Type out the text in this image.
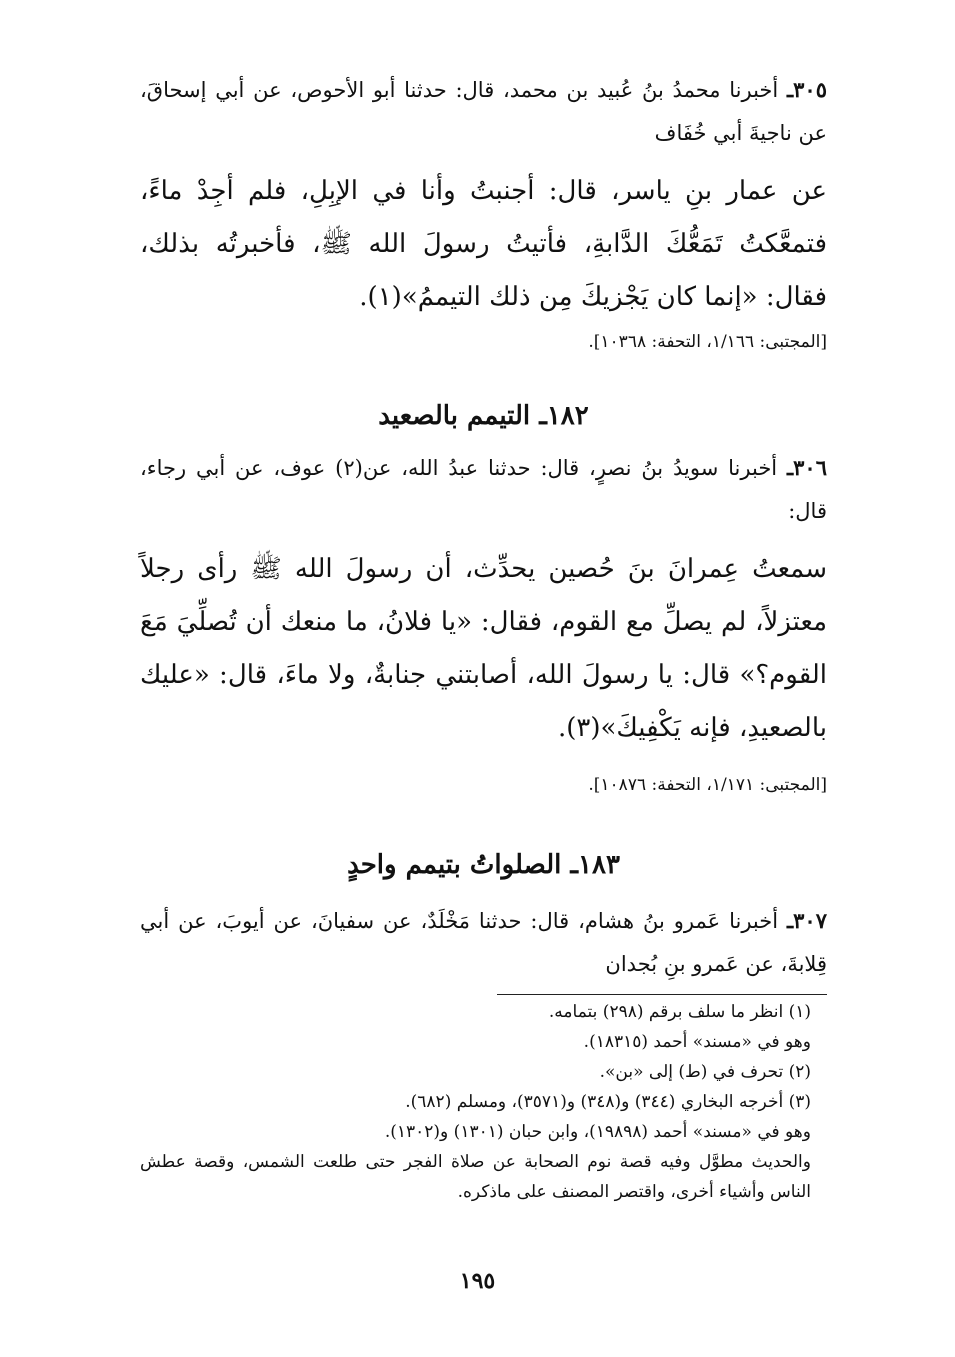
٣٠٥ـ أخبرنا محمدُ بنُ عُبيد بن محمد، قال: حدثنا أبو الأحوص، عن أبي إسحاقَ، عن ناجيةَ أبي خُفَاف

عن عمار بنِ ياسر، قال: أجنبتُ وأنا في الإبِلِ، فلم أجِدْ ماءً، فتمعَّكتُ تَمَعُّكَ الدَّابةِ، فأتيتُ رسولَ الله ﷺ، فأخبرتُه بذلك، فقال: «إنما كان يَجْزيكَ مِن ذلك التيممُ»(١).

[المجتبى: ١/١٦٦، التحفة: ١٠٣٦٨].

١٨٢ـ التيمم بالصعيد

٣٠٦ـ أخبرنا سويدُ بنُ نصرٍ، قال: حدثنا عبدُ الله، عن(٢) عوف، عن أبي رجاء، قال:

سمعتُ عِمرانَ بنَ حُصين يحدِّث، أن رسولَ الله ﷺ رأى رجلاً معتزلاً، لم يصلِّ مع القوم، فقال: «يا فلانُ، ما منعك أن تُصلِّيَ مَعَ القوم؟» قال: يا رسولَ الله، أصابتني جنابةٌ، ولا ماءَ، قال: «عليك بالصعيدِ، فإنه يَكْفِيكَ»(٣).

[المجتبى: ١/١٧١، التحفة: ١٠٨٧٦].

١٨٣ـ الصلواتُ بتيمم واحدٍ

٣٠٧ـ أخبرنا عَمرو بنُ هشام، قال: حدثنا مَخْلَدٌ، عن سفيانَ، عن أيوبَ، عن أبي قِلابةَ، عن عَمرو بنِ بُجدان

(١) انظر ما سلف برقم (٢٩٨) بتمامه.

وهو في «مسند» أحمد (١٨٣١٥).

(٢) تحرف في (ط) إلى «بن».

(٣) أخرجه البخاري (٣٤٤) و(٣٤٨) و(٣٥٧١)، ومسلم (٦٨٢).

وهو في «مسند» أحمد (١٩٨٩٨)، وابن حبان (١٣٠١) و(١٣٠٢).

والحديث مطوَّل وفيه قصة نوم الصحابة عن صلاة الفجر حتى طلعت الشمس، وقصة عطش الناس وأشياء أخرى، واقتصر المصنف على ماذكره.

١٩٥
